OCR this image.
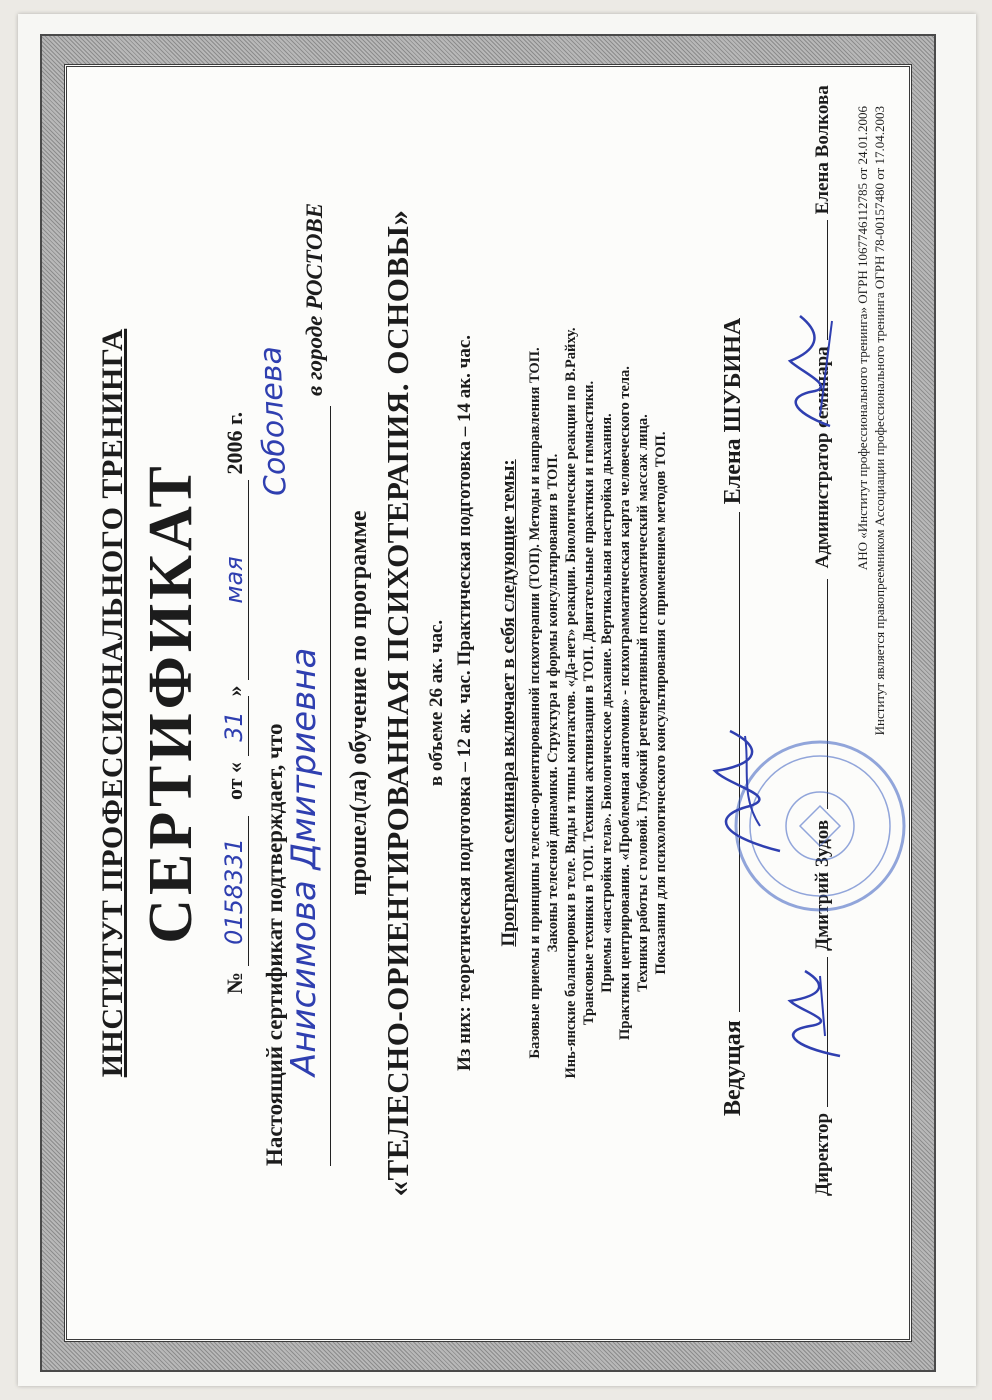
ИНСТИТУТ ПРОФЕССИОНАЛЬНОГО ТРЕНИНГА СЕРТИФИКАТ
№ 0158331   от « 31» мая 2006 г.
Настоящий сертификат подтверждает, что
Анисимова Дмитриевна
Соболева
в городе РОСТОВЕ
прошел(ла) обучение по программе «ТЕЛЕСНО-ОРИЕНТИРОВАННАЯ ПСИХОТЕРАПИЯ. ОСНОВЫ» в объеме 26 ак. час. Из них: теоретическая подготовка – 12 ак. час. Практическая подготовка – 14 ак. час. Программа семинара включает в себя следующие темы: Базовые приемы и принципы телесно-ориентированной психотерапии (ТОП). Методы и направления ТОП. Законы телесной динамики. Структура и формы консультирования в ТОП. Инь-янские балансировки в теле. Виды и типы контактов. «Да-нет» реакции. Биологические реакции по В.Райху. Трансовые техники в ТОП. Техники активизации в ТОП. Двигательные практики и гимнастики. Приемы «настройки тела». Биологическое дыхание. Вертикальная настройка дыхания. Практики центрирования. «Проблемная анатомия» - психограмматическая карта человеческого тела. Техники работы с головой. Глубокий регенеративный психосоматический массаж лица. Показания для психологического консультирования с применением методов ТОП.
ВедущаяЕлена ШУБИНА
ДиректорДмитрий Зудов  Администратор семинараЕлена Волкова АНО «Институт профессионального тренинга» ОГРН 1067746112785 от 24.01.2006 Институт является правопреемником Ассоциации профессионального тренинга ОГРН 78-00157480 от 17.04.2003
